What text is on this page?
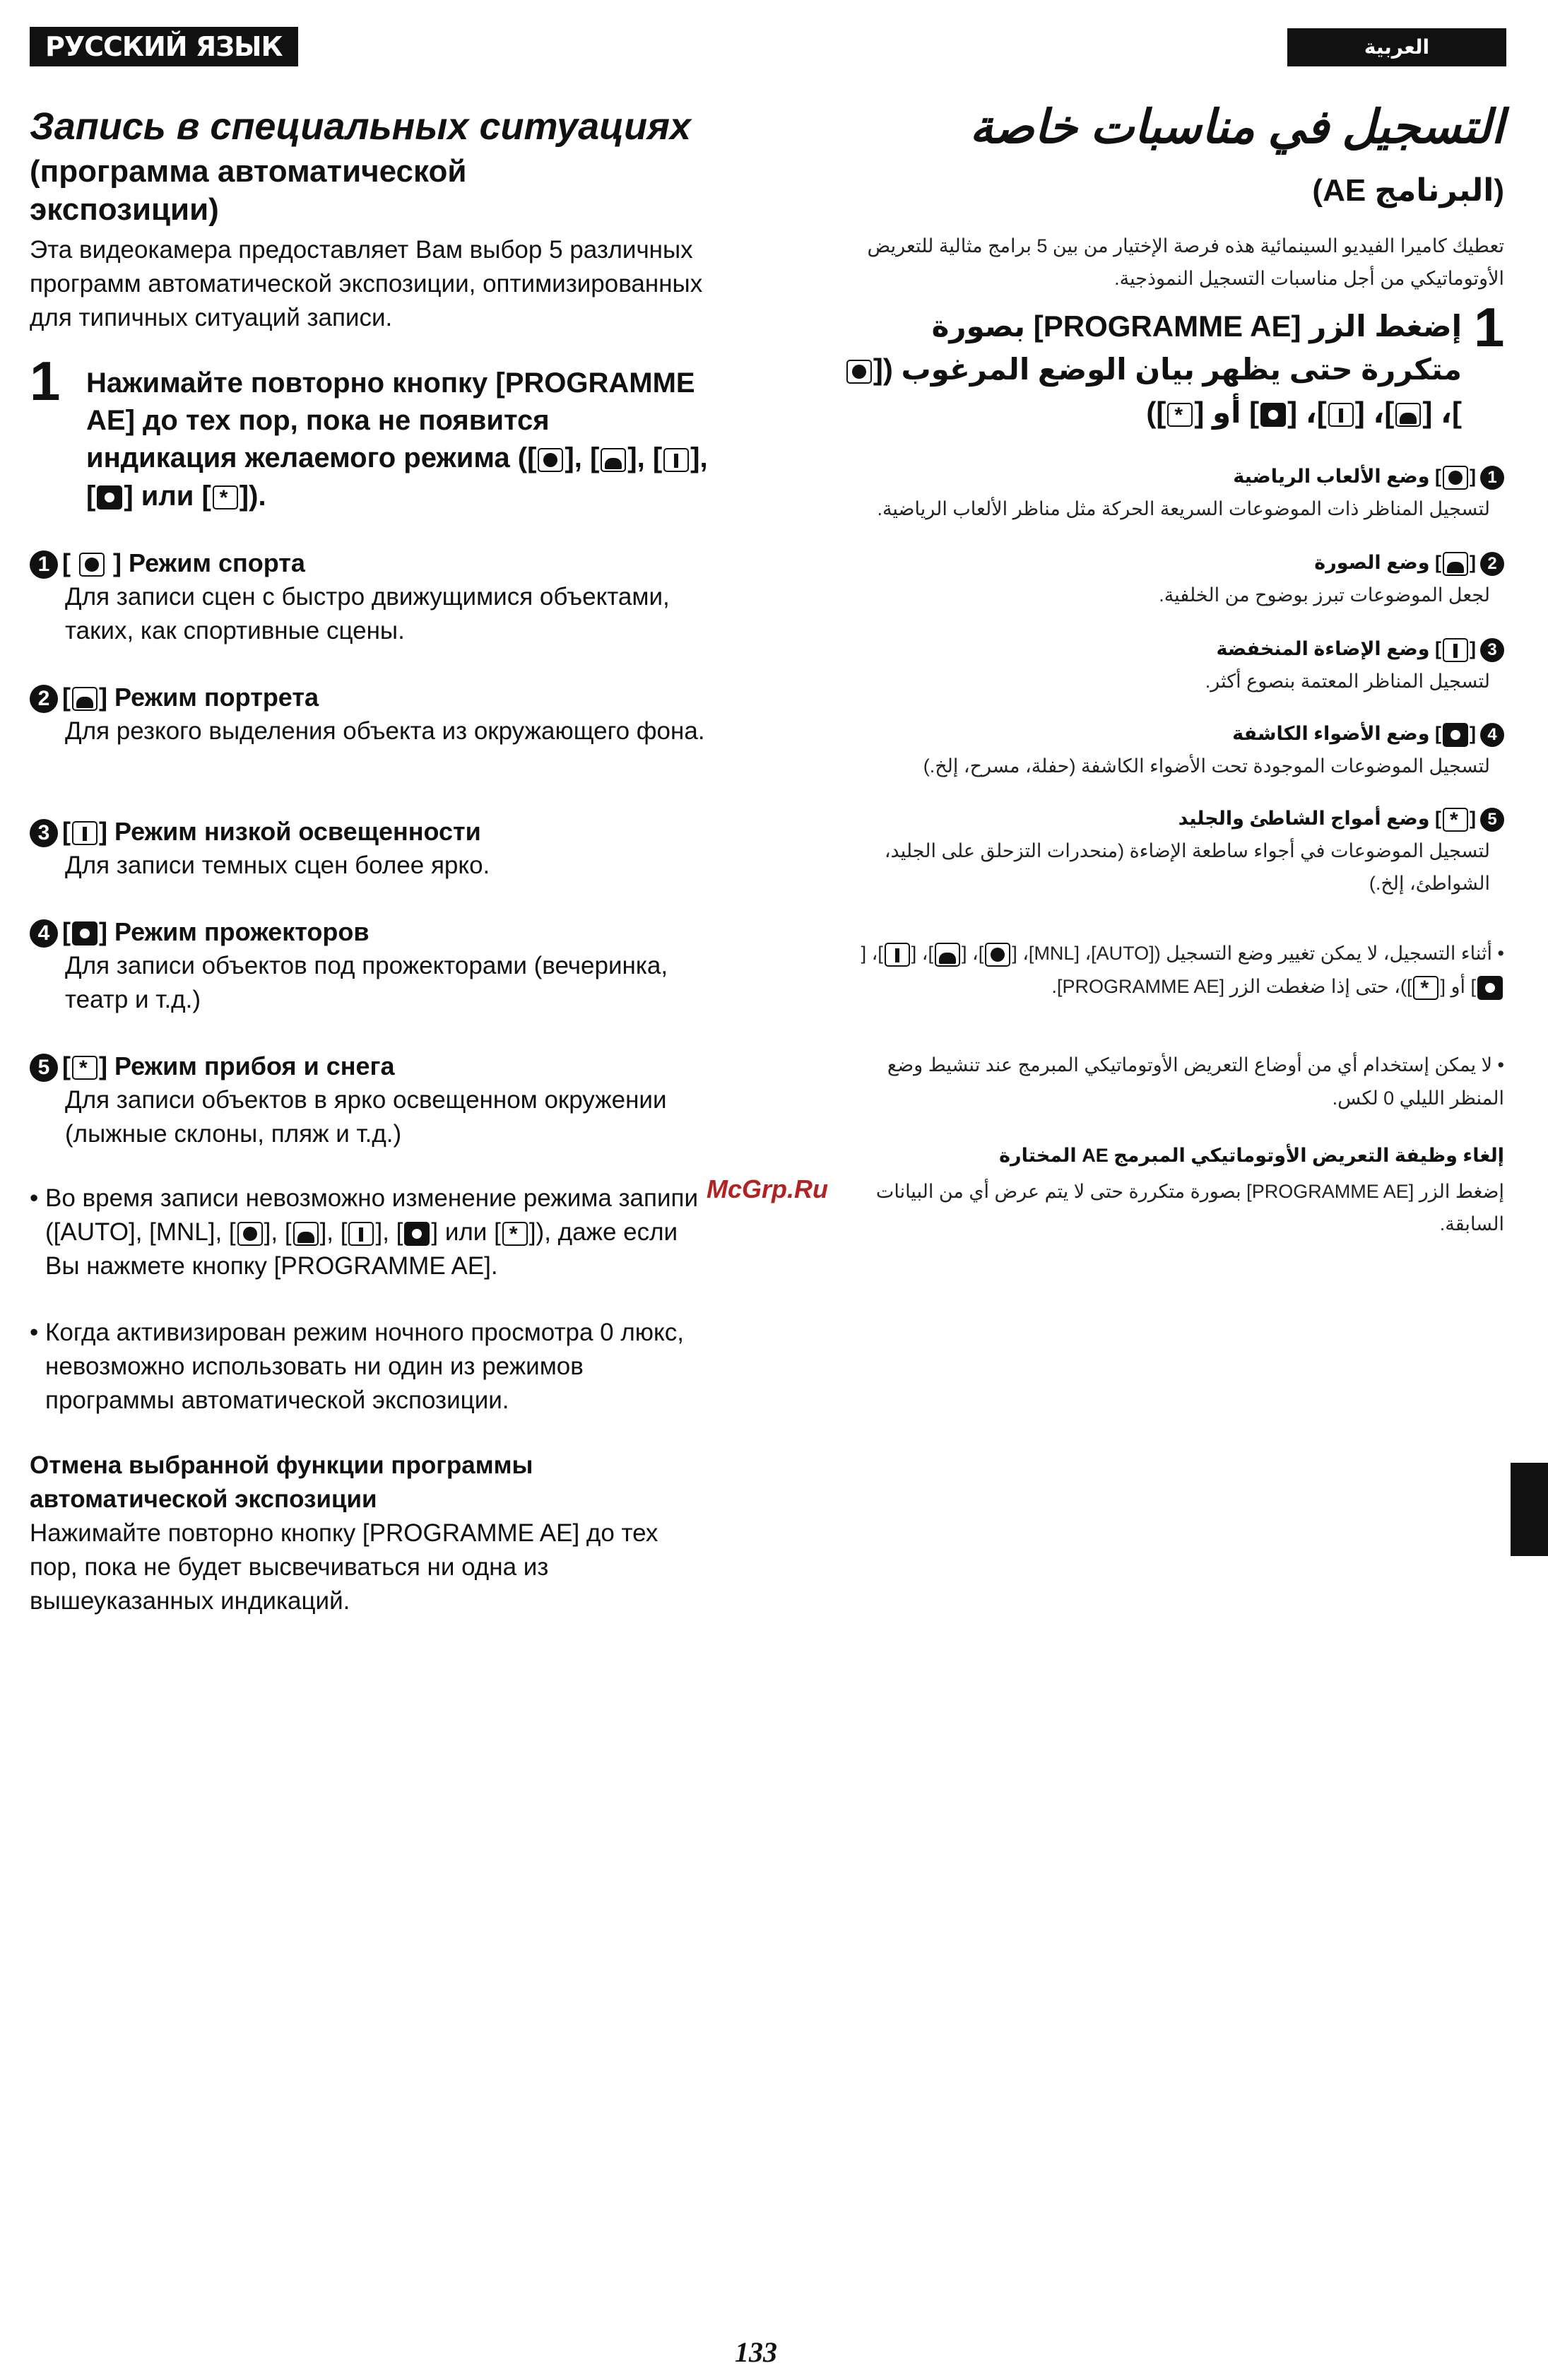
РУССКИЙ ЯЗЫК	العربية
Запись в специальных ситуациях
(программа автоматической экспозиции)
Эта видеокамера предоставляет Вам выбор 5 различных программ автоматической экспозиции, оптимизированных для типичных ситуаций записи.
1 Нажимайте повторно кнопку [PROGRAMME AE] до тех пор, пока не появится индикация желаемого режима ([ ], [ ], [ ], [ ] или [ * ]).
1 [  ] Режим спорта
Для записи сцен с быстро движущимися объектами, таких, как спортивные сцены.
2 [ ] Режим портрета
Для резкого выделения объекта из окружающего фона.
3 [ ] Режим низкой освещенности
Для записи темных сцен более ярко.
4 [ ] Режим прожекторов
Для записи объектов под прожекторами (вечеринка, театр и т.д.)
5 [ * ] Режим прибоя и снега
Для записи объектов в ярко освещенном окружении (лыжные склоны, пляж и т.д.)
• Во время записи невозможно изменение режима запипи ([AUTO], [MNL], [ ], [ ], [ ], [ ] или [* ]), даже если Вы нажмете кнопку [PROGRAMME AE].
• Когда активизирован режим ночного просмотра 0 люкс, невозможно использовать ни один из режимов программы автоматической экспозиции.
Отмена выбранной функции программы автоматической экспозиции
Нажимайте повторно кнопку [PROGRAMME AE] до тех пор, пока не будет высвечиваться ни одна из вышеуказанных индикаций.
التسجيل في مناسبات خاصة
(البرنامج AE)
تعطيك كاميرا الفيديو السينمائية هذه فرصة الإختيار من بين 5 برامج مثالية للتعريض الأوتوماتيكي من أجل مناسبات التسجيل النموذجية.
1
إضغط الزر [PROGRAMME AE] بصورة متكررة حتى يظهر بيان الوضع المرغوب ([]، []، []، [] أو [*])
1[] وضع الألعاب الرياضية
لتسجيل المناظر ذات الموضوعات السريعة الحركة مثل مناظر الألعاب الرياضية.
2[] وضع الصورة
لجعل الموضوعات تبرز بوضوح من الخلفية.
3[] وضع الإضاءة المنخفضة
لتسجيل المناظر المعتمة بنصوع أكثر.
4[] وضع الأضواء الكاشفة
لتسجيل الموضوعات الموجودة تحت الأضواء الكاشفة (حفلة، مسرح، إلخ.)
5[*] وضع أمواج الشاطئ والجليد
لتسجيل الموضوعات في أجواء ساطعة الإضاءة (منحدرات التزحلق على الجليد، الشواطئ، إلخ.)
• أثناء التسجيل، لا يمكن تغيير وضع التسجيل ([AUTO]، [MNL]، []، []، []، [] أو [*])، حتى إذا ضغطت الزر [PROGRAMME AE].
• لا يمكن إستخدام أي من أوضاع التعريض الأوتوماتيكي المبرمج عند تنشيط وضع المنظر الليلي 0 لكس.
إلغاء وظيفة التعريض الأوتوماتيكي المبرمج AE المختارة
إضغط الزر [PROGRAMME AE] بصورة متكررة حتى لا يتم عرض أي من البيانات السابقة.
McGrp.Ru
133
